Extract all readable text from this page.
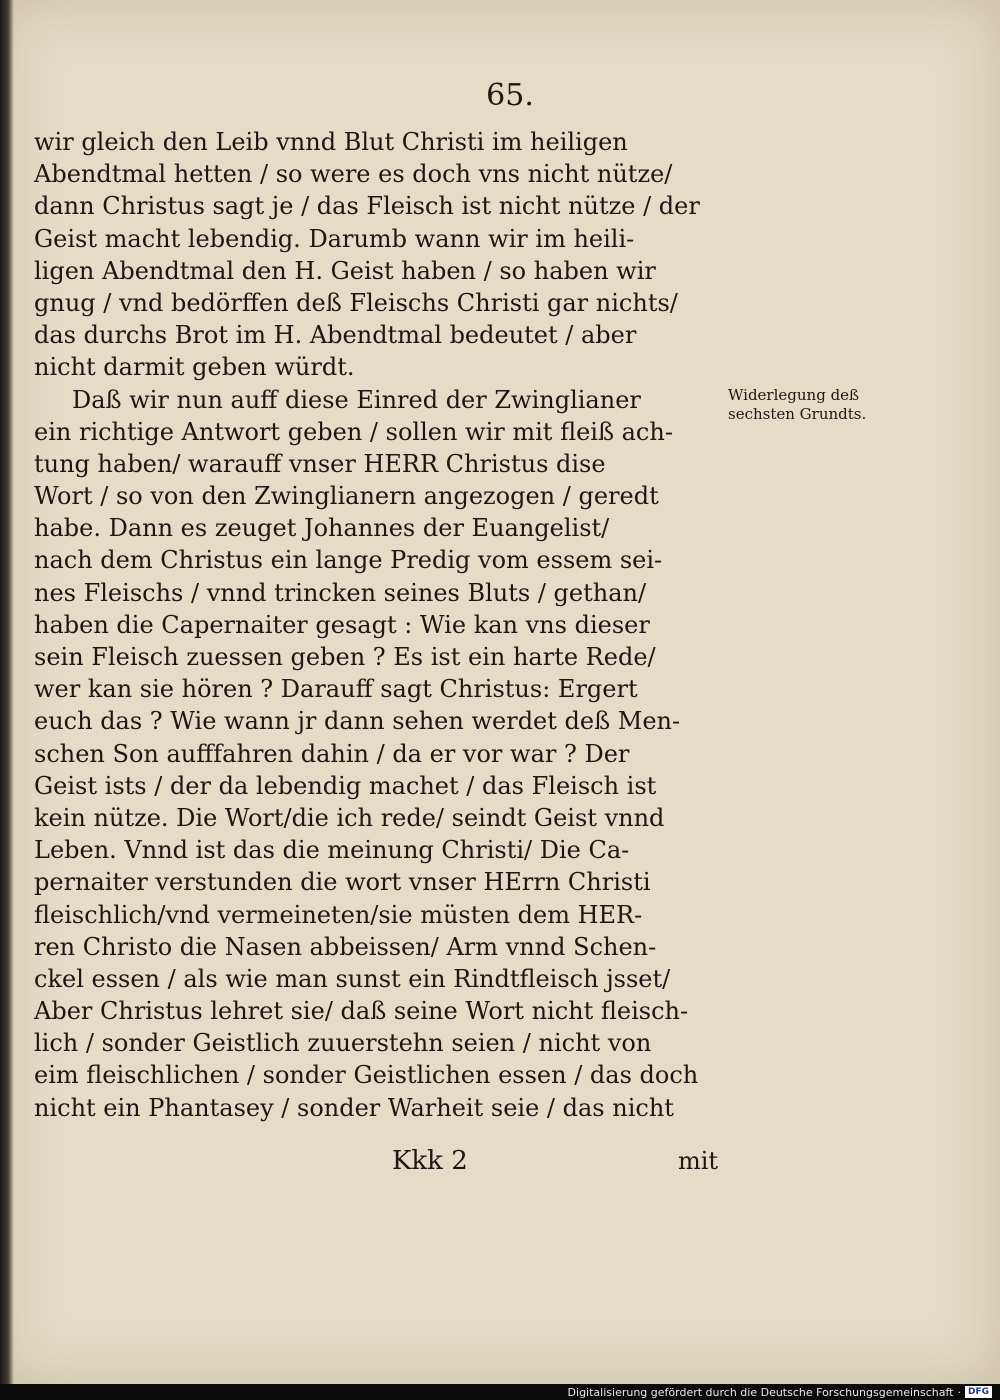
65.
wir gleich den Leib vnnd Blut Christi im heiligen
Abendtmal hetten / so were es doch vns nicht nütze/
dann Christus sagt je / das Fleisch ist nicht nütze / der
Geist macht lebendig. Darumb wann wir im heili-
ligen Abendtmal den H. Geist haben / so haben wir
gnug / vnd bedörffen deß Fleischs Christi gar nichts/
das durchs Brot im H. Abendtmal bedeutet / aber
nicht darmit geben würdt.
Daß wir nun auff diese Einred der Zwinglianer
ein richtige Antwort geben / sollen wir mit fleiß ach-
tung haben/ warauff vnser HERR Christus dise
Wort / so von den Zwinglianern angezogen / geredt
habe. Dann es zeuget Johannes der Euangelist/
nach dem Christus ein lange Predig vom essem sei-
nes Fleischs / vnnd trincken seines Bluts / gethan/
haben die Capernaiter gesagt : Wie kan vns dieser
sein Fleisch zuessen geben ? Es ist ein harte Rede/
wer kan sie hören ? Darauff sagt Christus: Ergert
euch das ? Wie wann jr dann sehen werdet deß Men-
schen Son aufffahren dahin / da er vor war ? Der
Geist ists / der da lebendig machet / das Fleisch ist
kein nütze. Die Wort/die ich rede/ seindt Geist vnnd
Leben. Vnnd ist das die meinung Christi/ Die Ca-
pernaiter verstunden die wort vnser HErrn Christi
fleischlich/vnd vermeineten/sie müsten dem HER-
ren Christo die Nasen abbeissen/ Arm vnnd Schen-
ckel essen / als wie man sunst ein Rindtfleisch jsset/
Aber Christus lehret sie/ daß seine Wort nicht fleisch-
lich / sonder Geistlich zuuerstehn seien / nicht von
eim fleischlichen / sonder Geistlichen essen / das doch
nicht ein Phantasey / sonder Warheit seie / das nicht
Widerlegung deß
sechsten Grundts.
Kkk 2	mit
Digitalisierung gefördert durch die Deutsche Forschungsgemeinschaft · DFG
